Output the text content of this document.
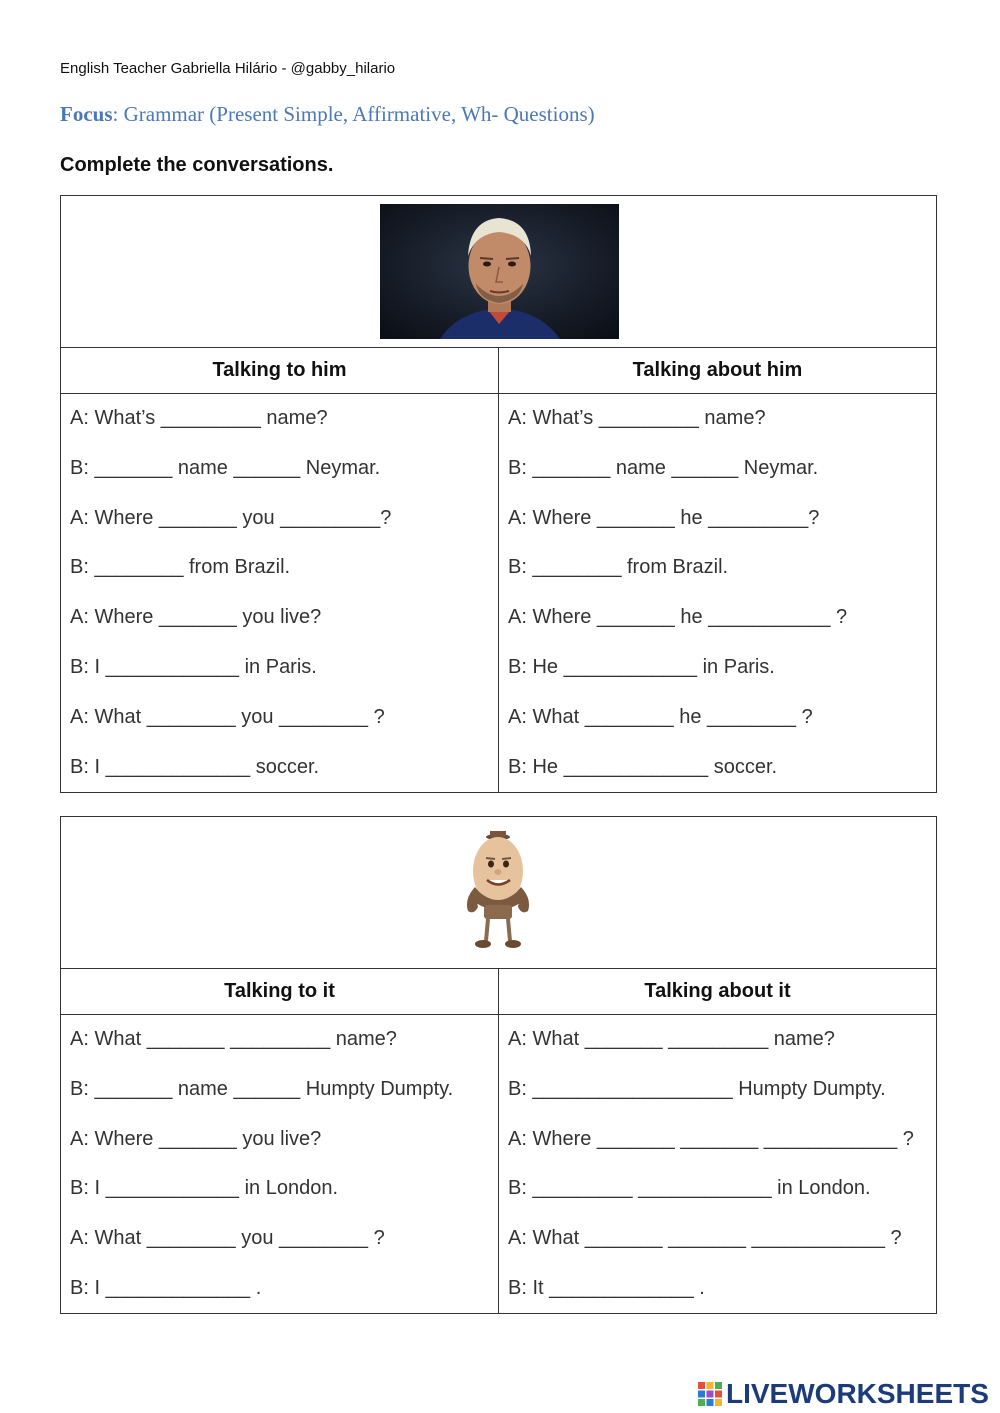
English Teacher Gabriella Hilário - @gabby_hilario
Focus: Grammar (Present Simple, Affirmative, Wh- Questions)
Complete the conversations.
Talking to him	Talking about him
A: What’s _________ name?
B: _______ name ______ Neymar.
A: Where _______ you _________?
B: ________ from Brazil.
A: Where _______ you live?
B: I ____________ in Paris.
A: What ________ you ________ ?
B: I _____________ soccer.
A: What’s _________ name?
B: _______ name ______ Neymar.
A: Where _______ he _________?
B: ________ from Brazil.
A: Where _______ he ___________ ?
B: He ____________ in Paris.
A: What ________ he ________ ?
B: He _____________ soccer.
Talking to it	Talking about it
A: What _______ _________ name?
B: _______ name ______ Humpty Dumpty.
A: Where _______ you live?
B: I ____________ in London.
A: What ________ you ________ ?
B: I _____________ .
A: What _______ _________ name?
B: __________________ Humpty Dumpty.
A: Where _______ _______ ____________ ?
B: _________ ____________ in London.
A: What _______ _______ ____________ ?
B: It _____________ .
LIVEWORKSHEETS
